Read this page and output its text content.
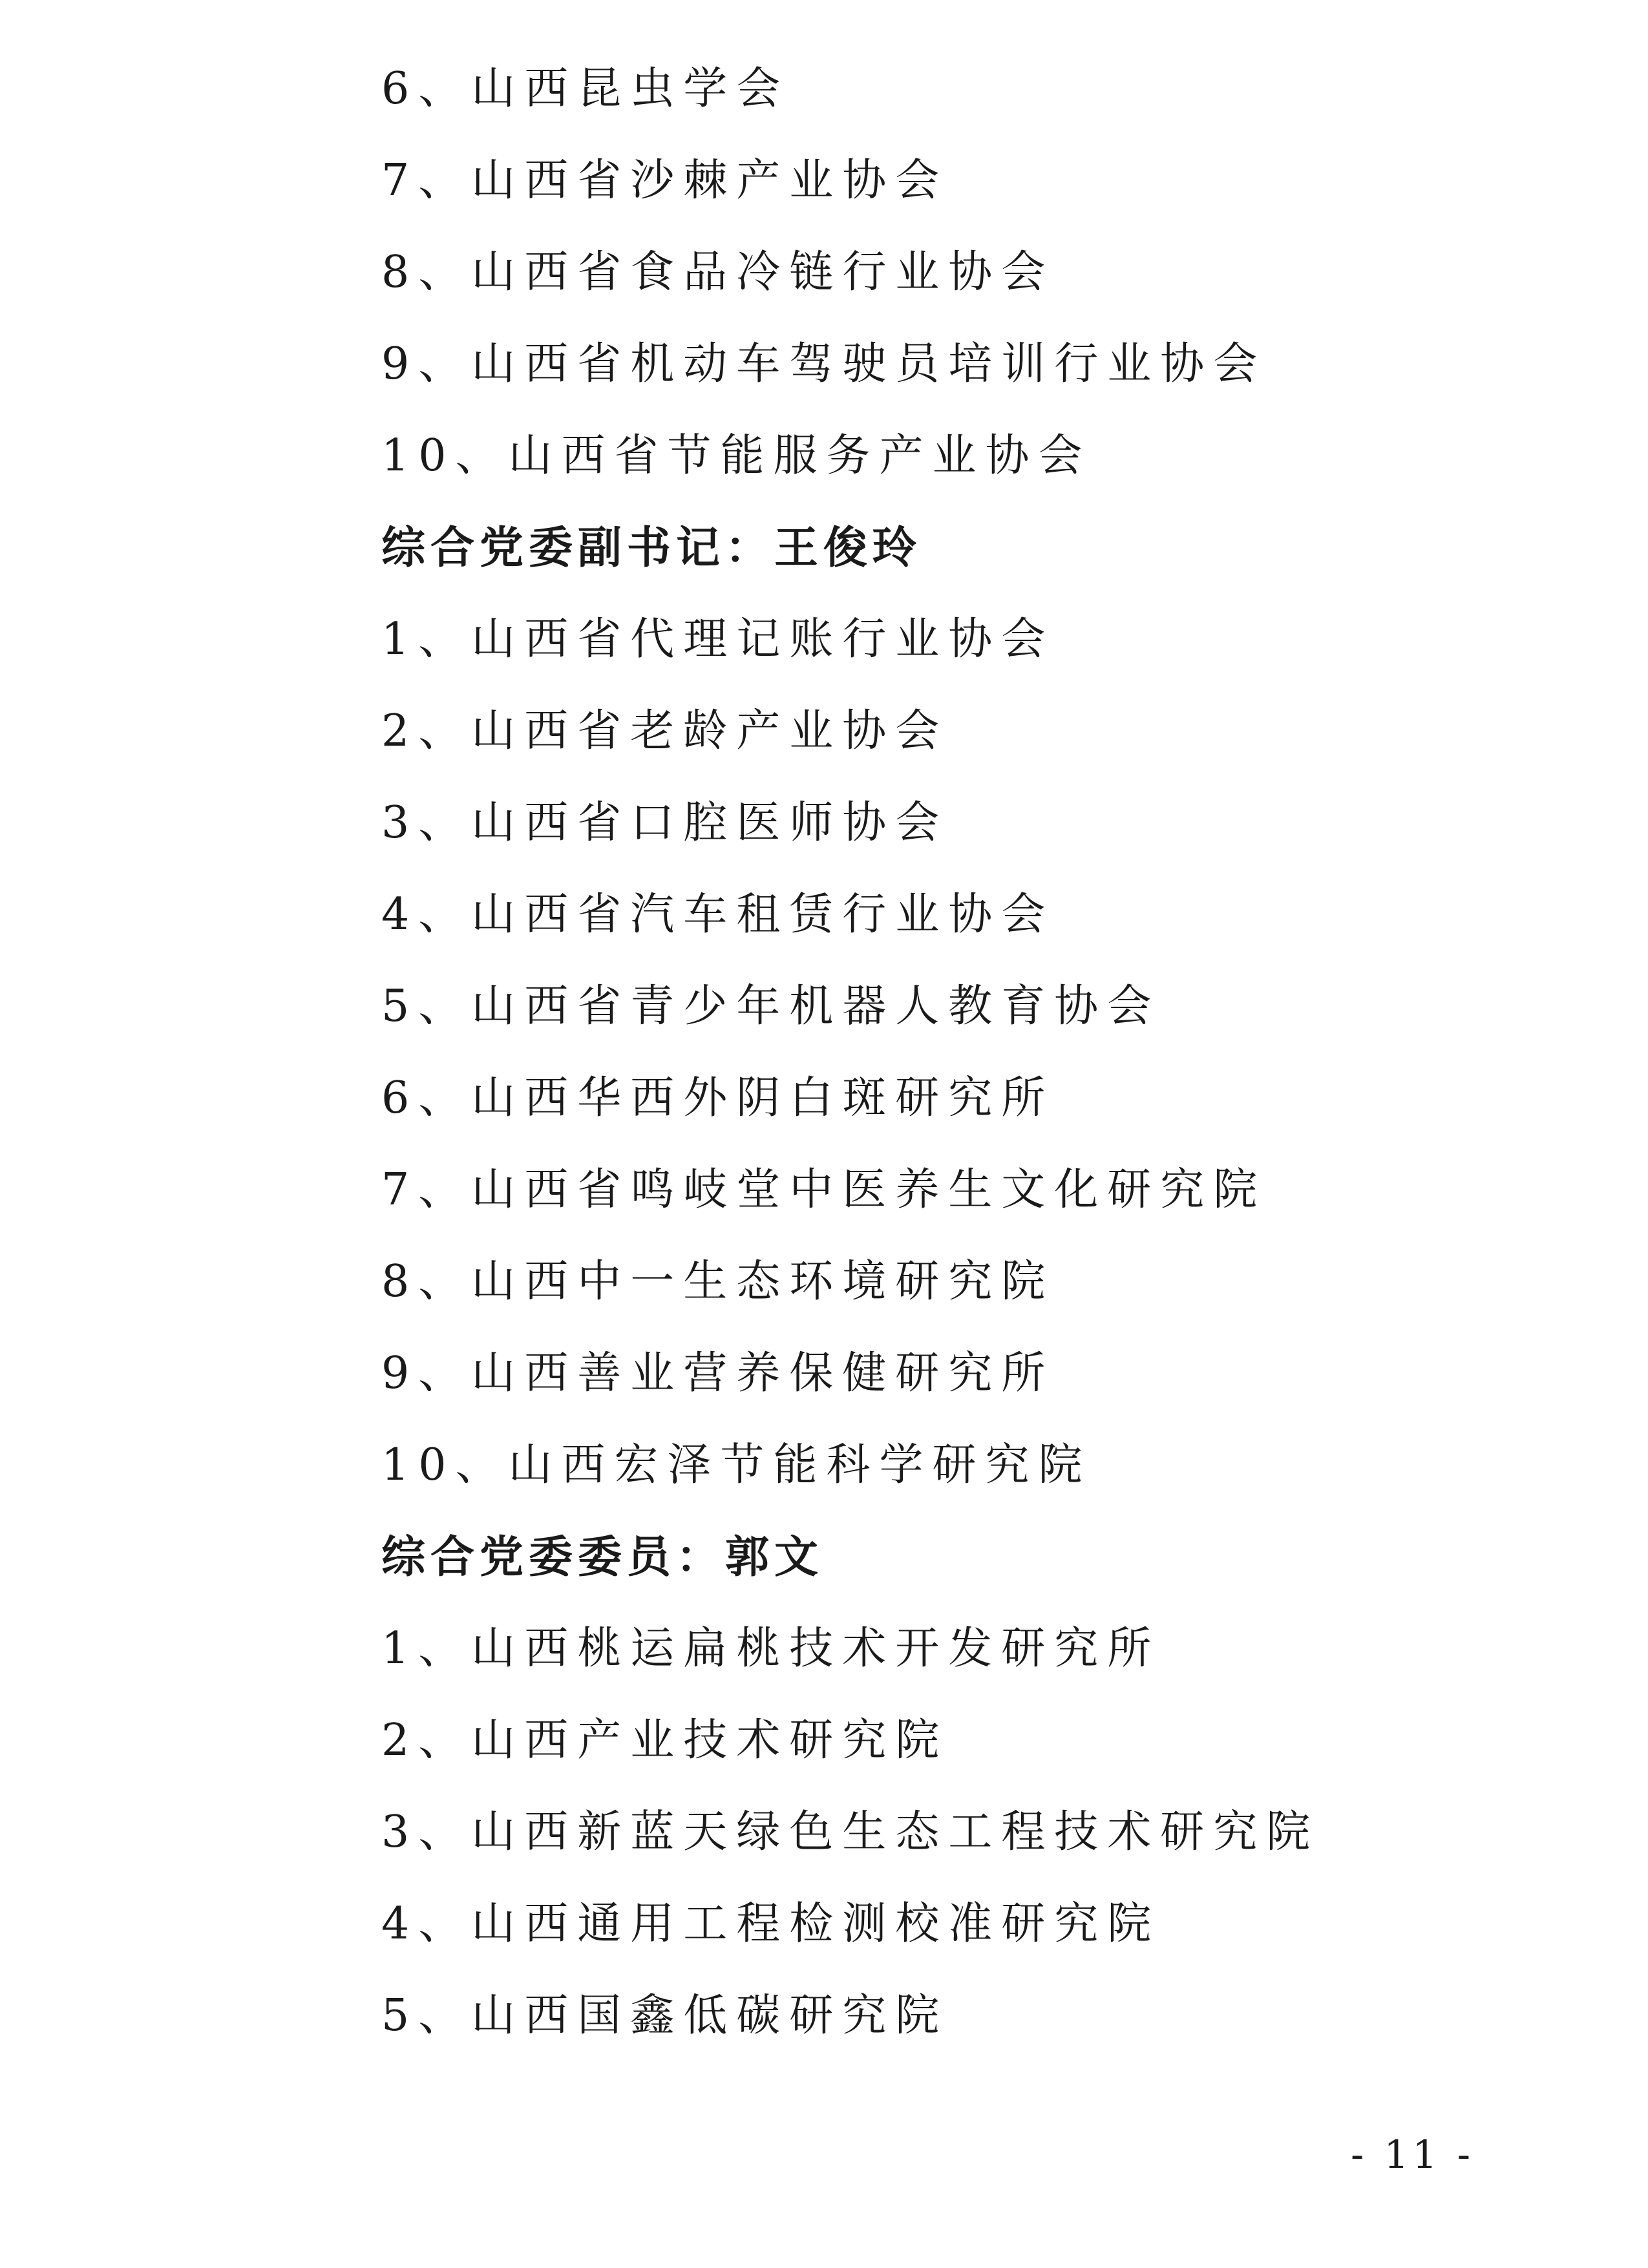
6、山西昆虫学会
7、山西省沙棘产业协会
8、山西省食品冷链行业协会
9、山西省机动车驾驶员培训行业协会
10、山西省节能服务产业协会
综合党委副书记：王俊玲
1、山西省代理记账行业协会
2、山西省老龄产业协会
3、山西省口腔医师协会
4、山西省汽车租赁行业协会
5、山西省青少年机器人教育协会
6、山西华西外阴白斑研究所
7、山西省鸣岐堂中医养生文化研究院
8、山西中一生态环境研究院
9、山西善业营养保健研究所
10、山西宏泽节能科学研究院
综合党委委员：郭文
1、山西桃运扁桃技术开发研究所
2、山西产业技术研究院
3、山西新蓝天绿色生态工程技术研究院
4、山西通用工程检测校准研究院
5、山西国鑫低碳研究院
- 11 -
